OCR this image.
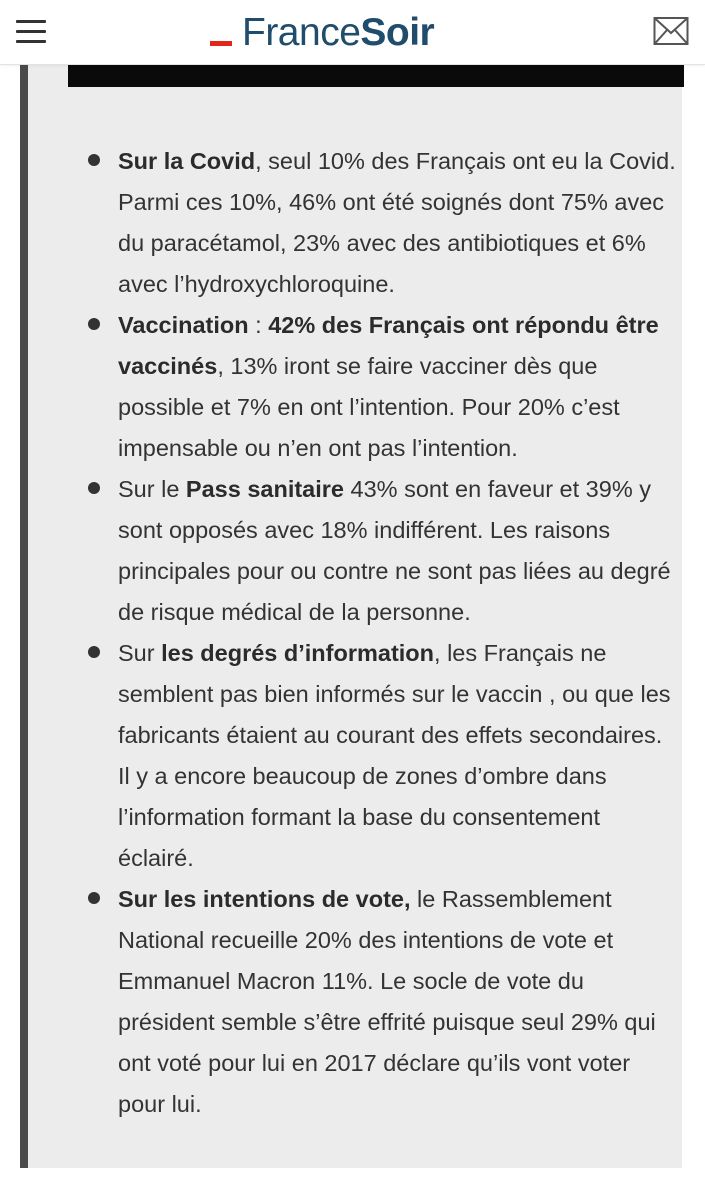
FranceSoir
Sur la Covid, seul 10% des Français ont eu la Covid. Parmi ces 10%, 46% ont été soignés dont 75% avec du paracétamol, 23% avec des antibiotiques et 6% avec l’hydroxychloroquine.
Vaccination : 42% des Français ont répondu être vaccinés, 13% iront se faire vacciner dès que possible et 7% en ont l’intention. Pour 20% c’est impensable ou n’en ont pas l’intention.
Sur le Pass sanitaire 43% sont en faveur et 39% y sont opposés avec 18% indifférent. Les raisons principales pour ou contre ne sont pas liées au degré de risque médical de la personne.
Sur les degrés d’information, les Français ne semblent pas bien informés sur le vaccin , ou que les fabricants étaient au courant des effets secondaires. Il y a encore beaucoup de zones d’ombre dans l’information formant la base du consentement éclairé.
Sur les intentions de vote, le Rassemblement National recueille 20% des intentions de vote et Emmanuel Macron 11%. Le socle de vote du président semble s’être effrité puisque seul 29% qui ont voté pour lui en 2017 déclare qu’ils vont voter pour lui.
